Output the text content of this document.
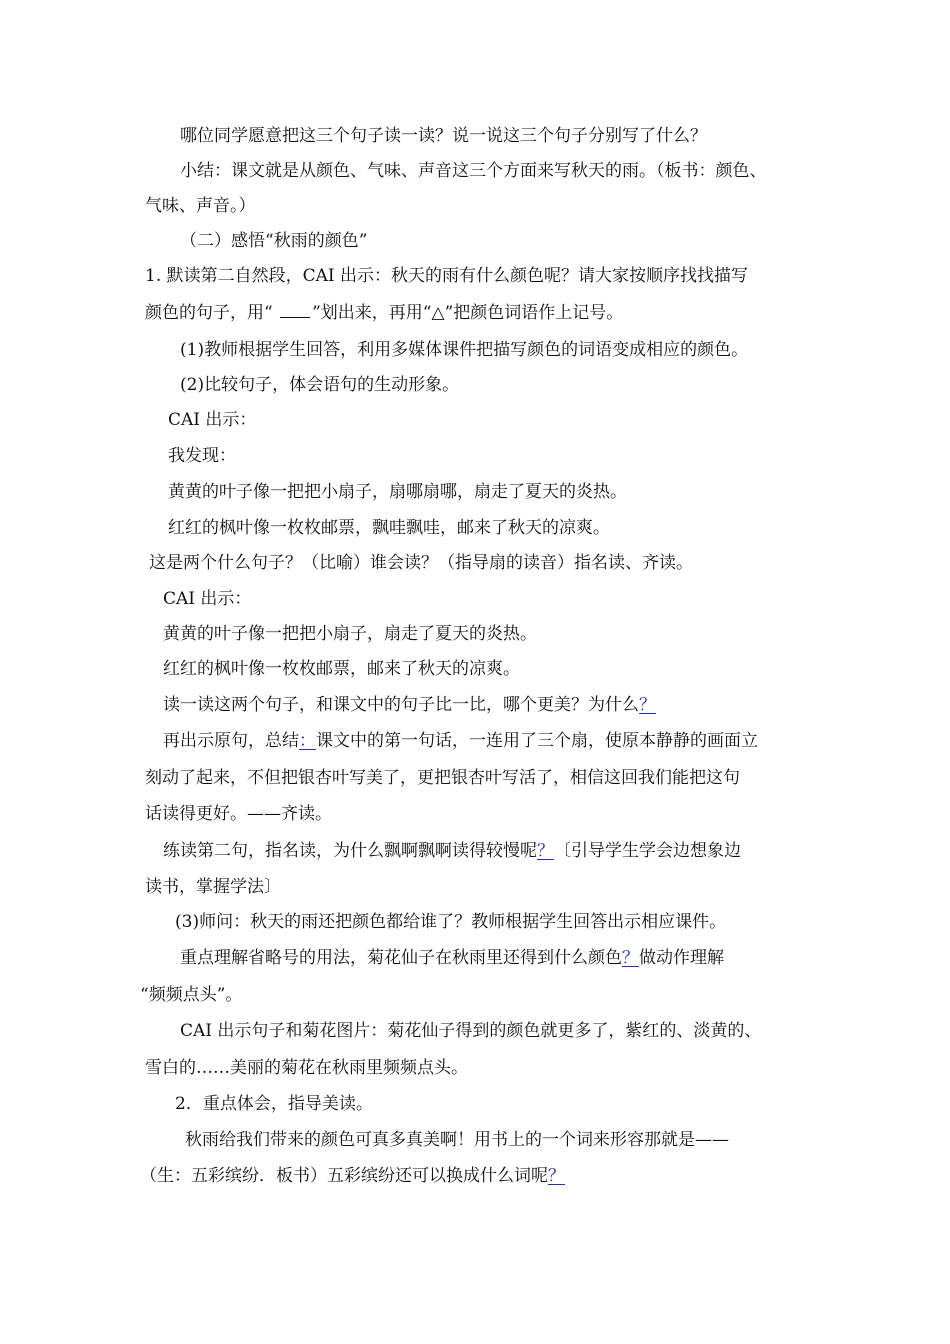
哪位同学愿意把这三个句子读一读？说一说这三个句子分别写了什么？
小结：课文就是从颜色、气味、声音这三个方面来写秋天的雨。（板书：颜色、
气味、声音。）
（二）感悟“秋雨的颜色”
1. 默读第二自然段，CAI 出示：秋天的雨有什么颜色呢？请大家按顺序找找描写
颜色的句子，用“ ”划出来，再用“△”把颜色词语作上记号。
(1)教师根据学生回答，利用多媒体课件把描写颜色的词语变成相应的颜色。
(2)比较句子，体会语句的生动形象。
CAI 出示：
我发现：
黄黄的叶子像一把把小扇子，扇哪扇哪，扇走了夏天的炎热。
红红的枫叶像一枚枚邮票，飘哇飘哇，邮来了秋天的凉爽。
这是两个什么句子？（比喻）谁会读？（指导扇的读音）指名读、齐读。
CAI 出示：
黄黄的叶子像一把把小扇子，扇走了夏天的炎热。
红红的枫叶像一枚枚邮票，邮来了秋天的凉爽。
读一读这两个句子，和课文中的句子比一比，哪个更美？为什么？
再出示原句，总结：课文中的第一句话，一连用了三个扇，使原本静静的画面立
刻动了起来，不但把银杏叶写美了，更把银杏叶写活了，相信这回我们能把这句
话读得更好。——齐读。
练读第二句，指名读，为什么飘啊飘啊读得较慢呢？〔引导学生学会边想象边
读书，掌握学法〕
(3)师问：秋天的雨还把颜色都给谁了？教师根据学生回答出示相应课件。
重点理解省略号的用法，菊花仙子在秋雨里还得到什么颜色？做动作理解
“频频点头”。
CAI 出示句子和菊花图片：菊花仙子得到的颜色就更多了，紫红的、淡黄的、
雪白的……美丽的菊花在秋雨里频频点头。
2．重点体会，指导美读。
秋雨给我们带来的颜色可真多真美啊！用书上的一个词来形容那就是——
（生：五彩缤纷．板书）五彩缤纷还可以换成什么词呢？
